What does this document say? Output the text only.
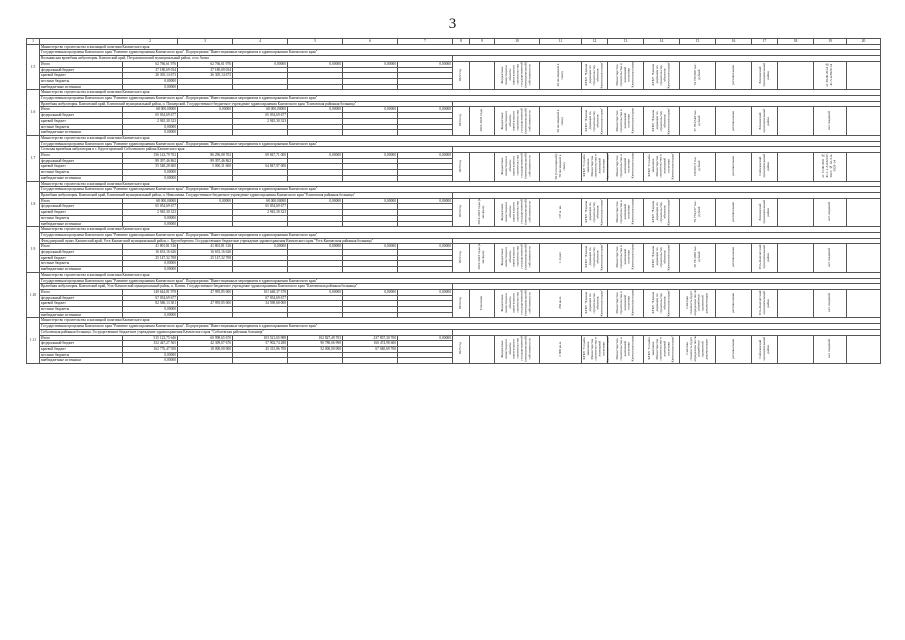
3
1		2	3	4	5	6	7	8	9	10	11	12	13	14	15	16	17	18	19	20
1.5	Министерство строительства и жилищной политики Камчатского края																			
	Государственная программа Камчатского края "Развитие здравоохранения Камчатского края". Подпрограмма "Инвестиционные мероприятия в здравоохранении Камчатского края"																			
	Вольнинская врачебная амбулатория. Камчатский край, Петропавловский муниципальный район, село Апача																			
	Итого	62 766,61 976	62 766,61 976	0,00000	0,00000	0,00000	0,00000	2022 год		Бюджетные инвестиции в объекты капитального строительства государственной (муниципальной) собственности	20 посещений в смену	КГКУ "Единая дирекция по строительству объектов Камчатского края"	Министерство строительства и жилищной политики Камчатского края	КГКУ "Единая дирекция по строительству объектов Камчатского края"	74 759,566 тыс. рублей	региональная	Елизовский муниципальный район		от 30.06.2014 № 41-5-0-5029-14	
	федеральный бюджет	37 180,69 034	37 180,69 034																	
	краевой бюджет	26 305,14 673	26 305,14 673																	
	местные бюджеты	0,00000																		
	внебюджетные источники	0,00000																		
1.6	Министерство строительства и жилищной политики Камчатского края																			
	Государственная программа Камчатского края "Развитие здравоохранения Камчатского края". Подпрограмма "Инвестиционные мероприятия в здравоохранении Камчатского края"																			
	Врачебная амбулатория. Камчатский край, Елизовский муниципальный район, п. Пионерский. Государственное бюджетное учреждение здравоохранения Камчатского края "Елизовская районная больница"																			
	Итого	68 000,00000	0,00000	68 000,00000	0,00000	0,00000	0,00000	2023 год	2019-2023 годы	Бюджетные инвестиции в объекты капитального строительства государственной (муниципальной) собственности	50 посещений в смену	КГКУ "Единая дирекция по строительству объектов Камчатского края"	Министерство строительства и жилищной политики Камчатского края	КГКУ "Единая дирекция по строительству объектов Камчатского края"	57 763,544 тыс. рублей	региональная	Елизовский муниципальный район		нет сведений	
	федеральный бюджет	65 054,69 677		65 054,69 677																
	краевой бюджет	2 945,30 323		2 945,30 323																
	местные бюджеты	0,00000																		
	внебюджетные источники	0,00000																		
1.7	Министерство строительства и жилищной политики Камчатского края																			
	Государственная программа Камчатского края "Развитие здравоохранения Камчатского края". Подпрограмма "Инвестиционные мероприятия в здравоохранении Камчатского края"																			
	Сельская врачебная амбулатория в с. Крутогоровский Соболевского района Камчатского края																			
	Итого	156 143,79 702	86 296,08 702	69 847,71 000	0,00000	0,00000	0,00000	2023 год		Бюджетные инвестиции в объекты капитального строительства государственной (муниципальной) собственности	50 (5 посещений) / 70 посещений в смену	КГКУ "Служба заказчика Министерства строительства и жилищной политики Камчатского края"	Министерство строительства и жилищной политики Камчатского края	КГКУ "Служба заказчика Министерства строительства и жилищной политики Камчатского края"	156 697,5 тыс. рублей	региональная	Соболевский муниципальный район		от 15.06.2021 № 41-1-1-3-032237-2021; № 41-5-0-5029-14	
	федеральный бюджет	89 397,46 862	89 397,46 862																	
	краевой бюджет	55 548,28 600	5 000,31 600	64 847,97 000																
	местные бюджеты	0,00000																		
	внебюджетные источники	0,00000																		
1.8	Министерство строительства и жилищной политики Камчатского края																			
	Государственная программа Камчатского края "Развитие здравоохранения Камчатского края". Подпрограмма "Инвестиционные мероприятия в здравоохранении Камчатского края"																			
	Врачебная амбулатория. Камчатский край, Елизовский муниципальный район, п. Николаевка. Государственное бюджетное учреждение здравоохранения Камчатского края "Елизовская районная больница"																			
	Итого	68 000,00000	0,00000	68 000,00000	0,00000	0,00000	0,00000	2023 год	2019-2023 годы (в месяцах)	Бюджетные инвестиции в объекты капитального строительства государственной (муниципальной) собственности	137 м. кв.	КГКУ "Единая дирекция по строительству объектов Камчатского края"	Министерство строительства и жилищной политики Камчатского края	КГКУ "Единая дирекция по строительству объектов Камчатского края"	70 770,257 тыс. рублей	региональная	Елизовский муниципальный район		нет сведений	
	федеральный бюджет	65 054,69 677		65 054,69 677																
	краевой бюджет	2 945,30 323		2 945,30 323																
	местные бюджеты	0,00000																		
	внебюджетные источники	0,00000																		
1.9	Министерство строительства и жилищной политики Камчатского края																			
	Государственная программа Камчатского края "Развитие здравоохранения Камчатского края". Подпрограмма "Инвестиционные мероприятия в здравоохранении Камчатского края"																			
	Фельдшерский пункт. Камчатский край, Усть-Камчатский муниципальный район, с. Крутоберегово. Государственное бюджетное учреждение здравоохранения Камчатского края "Усть-Камчатская районная больница"																			
	Итого	41 801,81 316	41 801,81 316	0,00000	0,00000	0,00000	0,00000	2022 год	2022-2023 годы (в месяцах)	Бюджетные инвестиции в объекты капитального строительства государственной (муниципальной) собственности	1 пункт	КГКУ "Единая дирекция по строительству объектов Камчатского края"	Министерство строительства и жилищной политики Камчатского края	КГКУ "Единая дирекция по строительству объектов Камчатского края"	29 731,090 тыс. рублей	региональная	Усть-Камчатский муниципальный район		нет сведений	
	федеральный бюджет	16 653,16 626	16 653,16 626																	
	краевой бюджет	25 147,32 708	25 147,32 708																	
	местные бюджеты	0,00000																		
	внебюджетные источники	0,00000																		
1.10	Министерство строительства и жилищной политики Камчатского края																			
	Государственная программа Камчатского края "Развитие здравоохранения Камчатского края". Подпрограмма "Инвестиционные мероприятия в здравоохранении Камчатского края"																			
	Врачебная амбулатория. Камчатский край, Усть-Камчатский муниципальный район, п. Ключи. Государственное бюджетное учреждение здравоохранения Камчатского края "Ключевская районная больница"																			
	Итого	149 644,81 978	47 995,85 000	101 648,37 378	0,00000	0,00000	0,00000	2023 год	9 месяцев	Бюджетные инвестиции в объекты капитального строительства государственной (муниципальной) собственности	250 кв.м.	КГКУ "Единая дирекция по строительству объектов Камчатского края"	Министерство строительства и жилищной политики Камчатского края	КГКУ "Единая дирекция по строительству объектов Камчатского края"	Сметная стоимость будет определена после разработки проектной документации	региональная	Усть-Камчатский муниципальный район		нет сведений	
	федеральный бюджет	67 054,69 677		67 054,69 677																
	краевой бюджет	82 586,13 301	47 995,85 000	34 590,68 000																
	местные бюджеты	0,00000																		
	внебюджетные источники	0,00000																		
1.11	Министерство строительства и жилищной политики Камчатского края																			
	Государственная программа Камчатского края "Развитие здравоохранения Камчатского края". Подпрограмма "Инвестиционные мероприятия в здравоохранении Камчатского края"																			
	Соболевская районная больница. Государственное бюджетное учреждение здравоохранения Камчатского края "Соболевская районная больница"																			
	Итого	515 123,75 646	60 998,65 670	103 521,65 988	102 827,49 703	237 857,30 700	0,00000	2025 год		Бюджетные инвестиции в объекты капитального строительства государственной (муниципальной) собственности	2 806 кв.м.	КГКУ "Служба заказчика Министерства строительства и жилищной политики Камчатского края"	Министерство строительства и жилищной политики Камчатского края	КГКУ "Служба заказчика Министерства строительства и жилищной политики Камчатского края"	Сметная стоимость будет определена после разработки проектной документации	региональная	Соболевский муниципальный район		нет сведений	
	федеральный бюджет	352 447,27 565	42 309,07 676	57 902,74 288	90 788,06 998	160 474,98 600														
	краевой бюджет	162 776,47 950	18 000,00 000	45 315,86 700	52 000,00 000	67 040,69 700														
	местные бюджеты	0,00000																		
	внебюджетные источники	0,00000																		
